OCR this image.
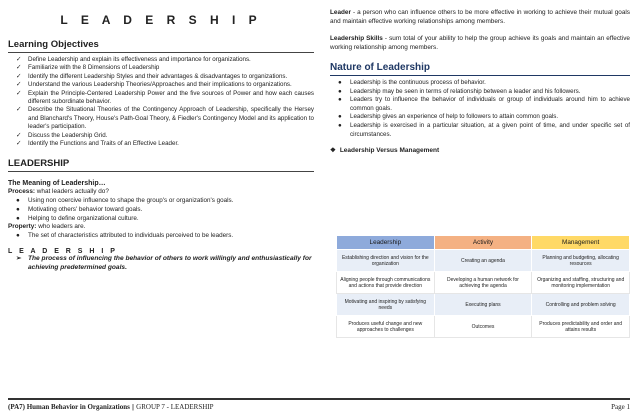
L E A D E R S H I P
Learning Objectives
✓ Define Leadership and explain its effectiveness and importance for organizations.
✓ Familiarize with the 8 Dimensions of Leadership
✓ Identify the different Leadership Styles and their advantages & disadvantages to organizations.
✓ Understand the various Leadership Theories/Approaches and their implications to organizations.
✓ Explain the Principle-Centered Leadership Power and the five sources of Power and how each causes different subordinate behavior.
✓ Describe the Situational Theories of the Contingency Approach of Leadership, specifically the Hersey and Blanchard's Theory, House's Path-Goal Theory, & Fiedler's Contingency Model and its application to leader's participation.
✓ Discuss the Leadership Grid.
✓ Identify the Functions and Traits of an Effective Leader.
LEADERSHIP
The Meaning of Leadership…
Process: what leaders actually do?
● Using non coercive influence to shape the group's or organization's goals.
● Motivating others' behavior toward goals.
● Helping to define organizational culture.
Property: who leaders are.
● The set of characteristics attributed to individuals perceived to be leaders.
L E A D E R S H I P
➢ The process of influencing the behavior of others to work willingly and enthusiastically for achieving predetermined goals.

Leader - a person who can influence others to be more effective in working to achieve their mutual goals and maintain effective working relationships among members.

Leadership Skills - sum total of your ability to help the group achieve its goals and maintain an effective working relationship among members.

Nature of Leadership
● Leadership is the continuous process of behavior.
● Leadership may be seen in terms of relationship between a leader and his followers.
● Leaders try to influence the behavior of individuals or group of individuals around him to achieve common goals.
● Leadership gives an experience of help to followers to attain common goals.
● Leadership is exercised in a particular situation, at a given point of time, and under specific set of circumstances.
❖ Leadership Versus Management
Leadership	Activity	Management
Establishing direction and vision for the organization	Creating an agenda	Planning and budgeting, allocating resources
Aligning people through communications and actions that provide direction	Developing a human network for achieving the agenda	Organizing and staffing, structuring and monitoring implementation
Motivating and inspiring by satisfying needs	Executing plans	Controlling and problem solving
Produces useful change and new approaches to challenges	Outcomes	Produces predictability and order and attains results
(PA7) Human Behavior in Organizations || GROUP 7 - LEADERSHIP	Page 1
